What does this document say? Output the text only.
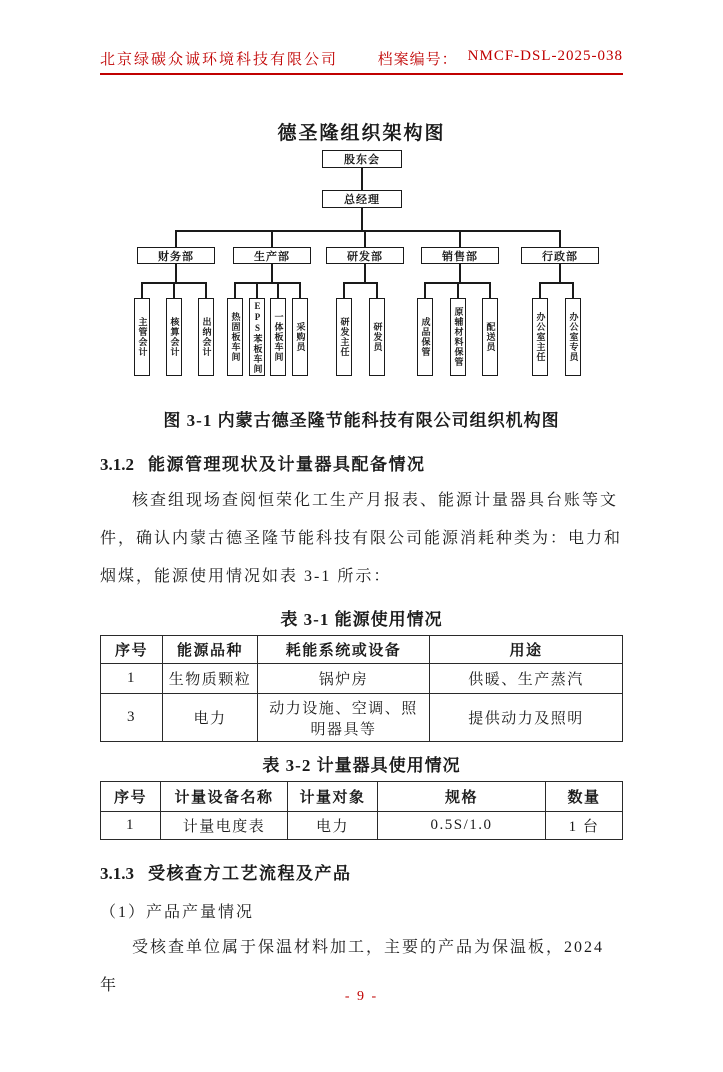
北京绿碳众诚环境科技有限公司	档案编号： NMCF-DSL-2025-038
德圣隆组织架构图
股东会
总经理
财务部	生产部	研发部	销售部	行政部
主管会计 核算会计 出纳会计 热固板车间 EPS苯板车间 一体板车间 采购员	研发主任	研发员	成品保管	原辅材料保管 配送员	办公室主任	办公室专员
图 3-1 内蒙古德圣隆节能科技有限公司组织机构图
3.1.2 能源管理现状及计量器具配备情况
核查组现场查阅恒荣化工生产月报表、能源计量器具台账等文
件，确认内蒙古德圣隆节能科技有限公司能源消耗种类为：电力和
烟煤，能源使用情况如表 3-1 所示：
表 3-1 能源使用情况
序号	能源品种	耗能系统或设备	用途
1	生物质颗粒	锅炉房	供暖、生产蒸汽
3	电力	动力设施、空调、照明器具等	提供动力及照明
表 3-2 计量器具使用情况
序号	计量设备名称	计量对象	规格	数量
1	计量电度表	电力	0.5S/1.0	1 台
3.1.3 受核查方工艺流程及产品
（1）产品产量情况
受核查单位属于保温材料加工，主要的产品为保温板，2024 年
- 9 -
